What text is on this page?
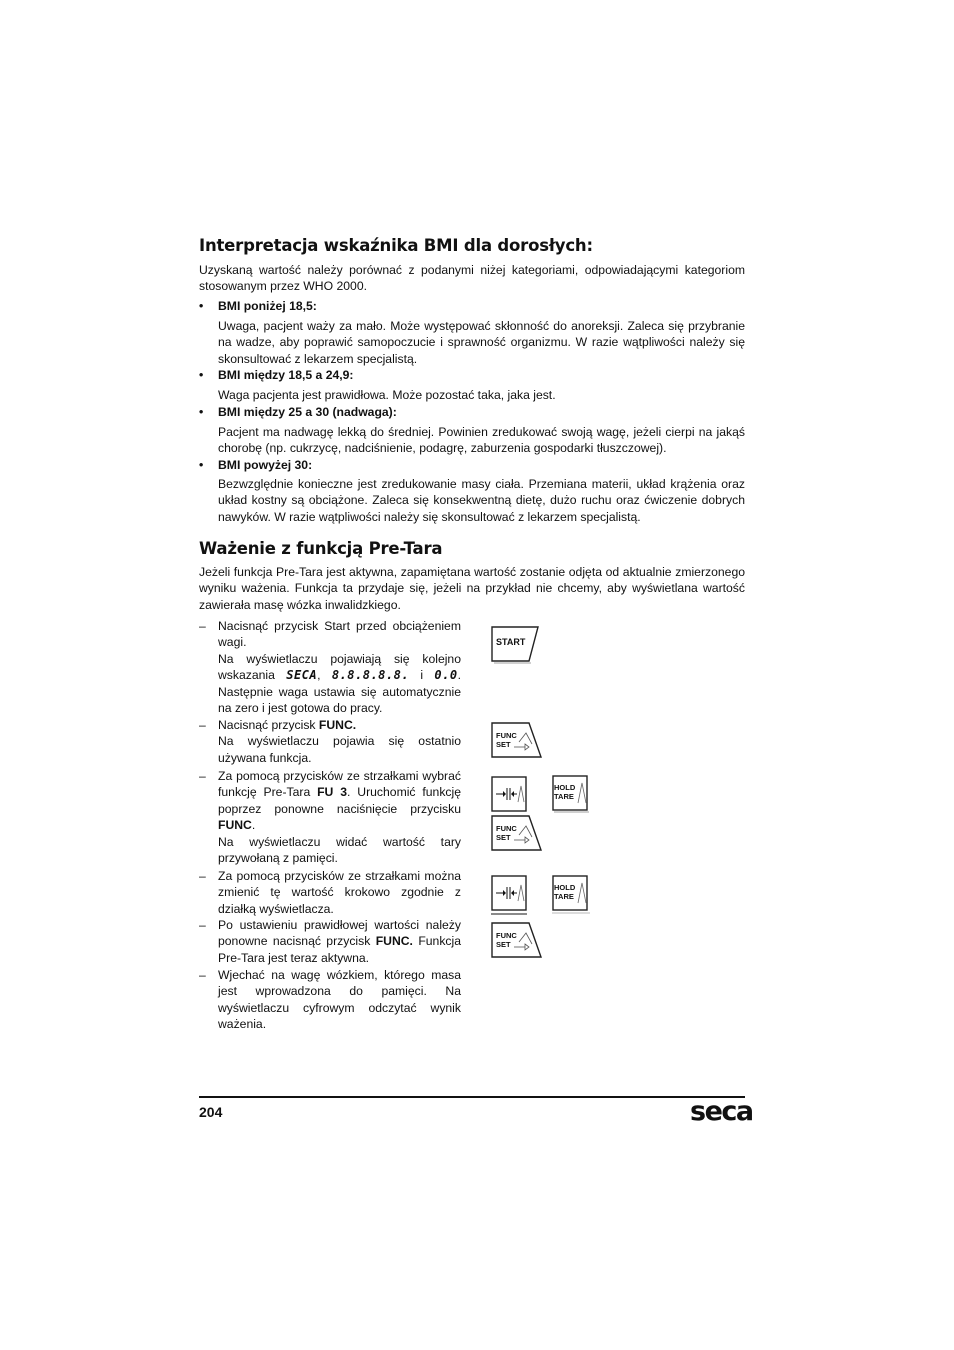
Interpretacja wskaźnika BMI dla dorosłych:
Uzyskaną wartość należy porównać z podanymi niżej kategoriami, odpowiadającymi kategoriom stosowanym przez WHO 2000.
• BMI poniżej 18,5:
Uwaga, pacjent waży za mało. Może występować skłonność do anoreksji. Zaleca się przybranie na wadze, aby poprawić samopoczucie i sprawność organizmu. W razie wątpliwości należy się skonsultować z lekarzem specjalistą.
• BMI między 18,5 a 24,9:
Waga pacjenta jest prawidłowa. Może pozostać taka, jaka jest.
• BMI między 25 a 30 (nadwaga):
Pacjent ma nadwagę lekką do średniej. Powinien zredukować swoją wagę, jeżeli cierpi na jakąś chorobę (np. cukrzycę, nadciśnienie, podagrę, zaburzenia gospodarki tłuszczowej).
• BMI powyżej 30:
Bezwzględnie konieczne jest zredukowanie masy ciała. Przemiana materii, układ krążenia oraz układ kostny są obciążone. Zaleca się konsekwentną dietę, dużo ruchu oraz ćwiczenie dobrych nawyków. W razie wątpliwości należy się skonsultować z lekarzem specjalistą.
Ważenie z funkcją Pre-Tara
Jeżeli funkcja Pre-Tara jest aktywna, zapamiętana wartość zostanie odjęta od aktualnie zmierzonego wyniku ważenia. Funkcja ta przydaje się, jeżeli na przykład nie chcemy, aby wyświetlana wartość zawierała masę wózka inwalidzkiego.
– Nacisnąć przycisk Start przed obciążeniem wagi.
Na wyświetlaczu pojawiają się kolejno wskazania SECA, 8.8.8.8.8. i 0.0. Następnie waga ustawia się automatycznie na zero i jest gotowa do pracy.
– Nacisnąć przycisk FUNC.
Na wyświetlaczu pojawia się ostatnio używana funkcja.
– Za pomocą przycisków ze strzałkami wybrać funkcję Pre-Tara FU 3. Uruchomić funkcję poprzez ponowne naciśnięcie przycisku FUNC.
Na wyświetlaczu widać wartość tary przywołaną z pamięci.
– Za pomocą przycisków ze strzałkami można zmienić tę wartość krokowo zgodnie z działką wyświetlacza.
– Po ustawieniu prawidłowej wartości należy ponowne nacisnąć przycisk FUNC. Funkcja Pre-Tara jest teraz aktywna.
– Wjechać na wagę wózkiem, którego masa jest wprowadzona do pamięci. Na wyświetlaczu cyfrowym odczytać wynik ważenia.
START
FUNC
SET
HOLD
TARE
FUNC
SET
HOLD
TARE
FUNC
SET
204	seca
